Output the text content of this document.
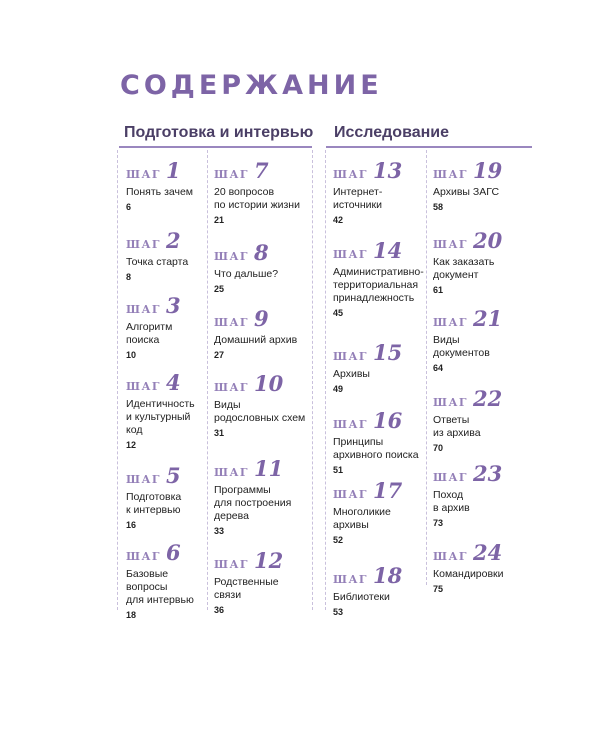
СОДЕРЖАНИЕ
Подготовка и интервью Исследование
ШАГ 1
Понять зачем
6
ШАГ 2
Точка старта
8
ШАГ 3
Алгоритм
поиска
10
ШАГ 4
Идентичность
и культурный
код
12
ШАГ 5
Подготовка
к интервью
16
ШАГ 6
Базовые
вопросы
для интервью
18
ШАГ 7
20 вопросов
по истории жизни
21
ШАГ 8
Что дальше?
25
ШАГ 9
Домашний архив
27
ШАГ 10
Виды
родословных схем
31
ШАГ 11
Программы
для построения
дерева
33
ШАГ 12
Родственные
связи
36
ШАГ 13
Интернет-
источники
42
ШАГ 14
Административно-
территориальная
принадлежность
45
ШАГ 15
Архивы
49
ШАГ 16
Принципы
архивного поиска
51
ШАГ 17
Многоликие
архивы
52
ШАГ 18
Библиотеки
53
ШАГ 19
Архивы ЗАГС
58
ШАГ 20
Как заказать
документ
61
ШАГ 21
Виды
документов
64
ШАГ 22
Ответы
из архива
70
ШАГ 23
Поход
в архив
73
ШАГ 24
Командировки
75
